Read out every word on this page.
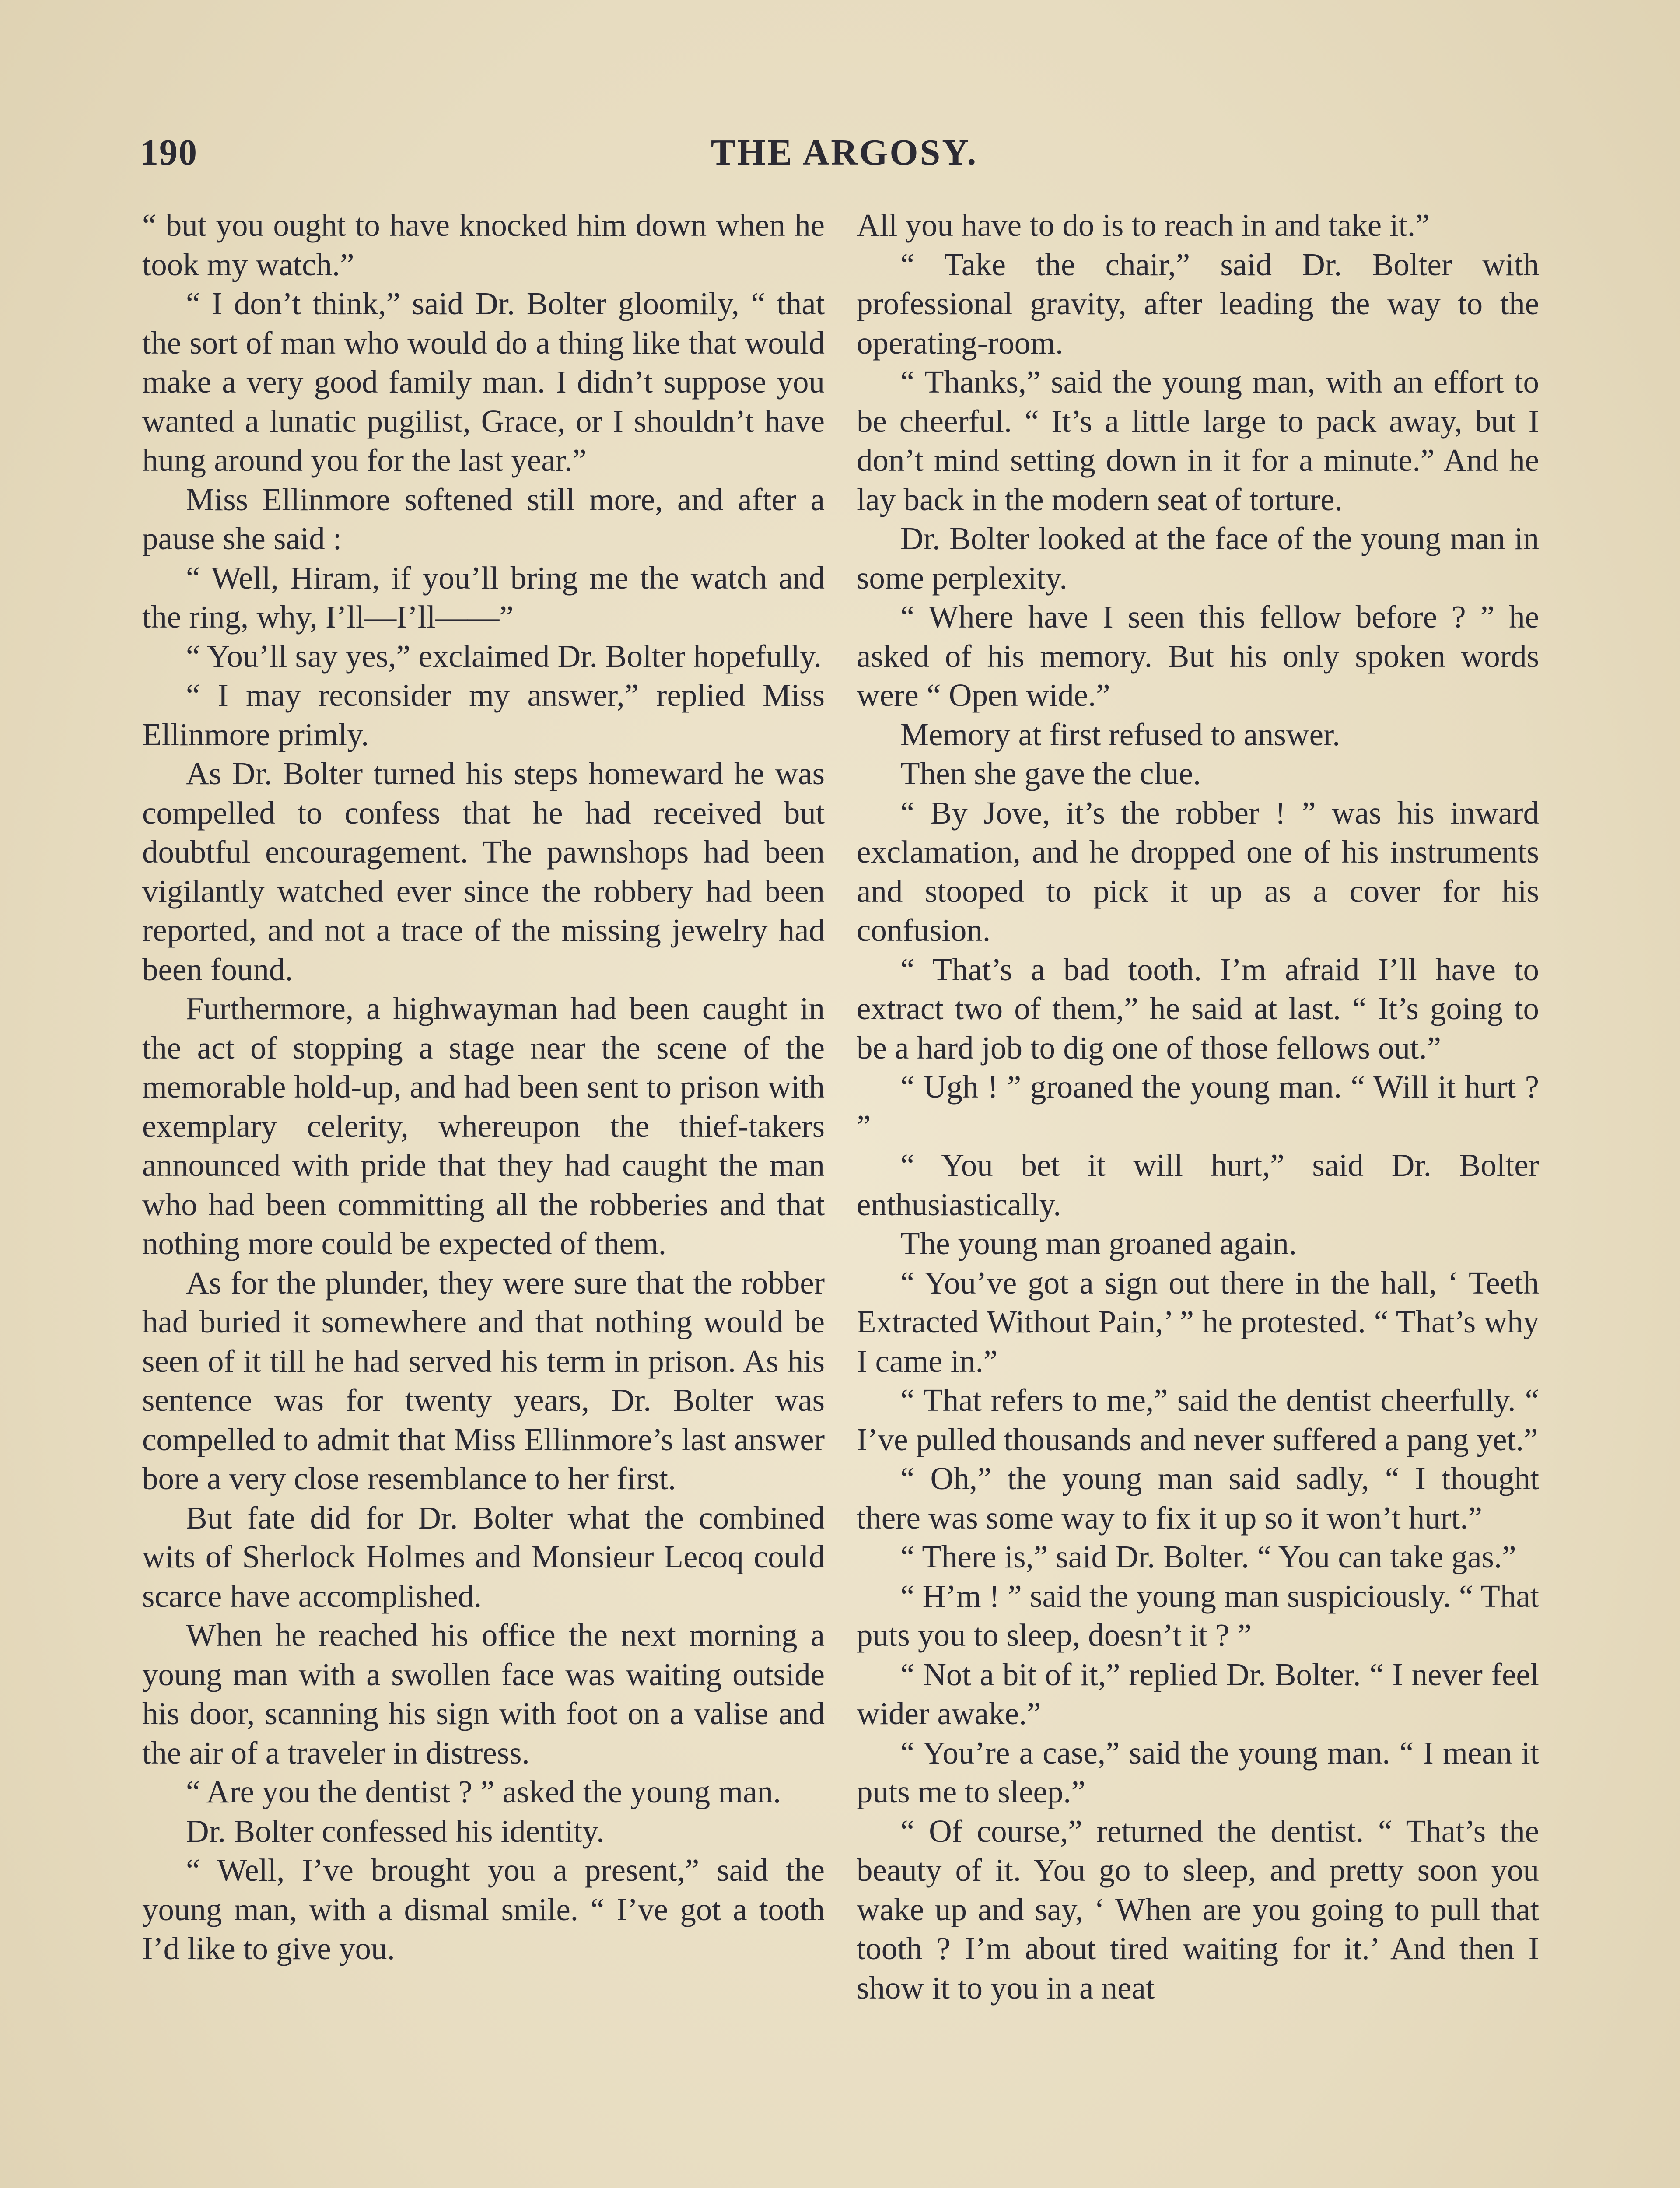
190	THE ARGOSY.

“ but you ought to have knocked him down when he took my watch.”

“ I don’t think,” said Dr. Bolter gloomily, “ that the sort of man who would do a thing like that would make a very good family man. I didn’t suppose you wanted a lunatic pugilist, Grace, or I shouldn’t have hung around you for the last year.”

Miss Ellinmore softened still more, and after a pause she said :

“ Well, Hiram, if you’ll bring me the watch and the ring, why, I’ll—I’ll——”

“ You’ll say yes,” exclaimed Dr. Bolter hopefully.

“ I may reconsider my answer,” replied Miss Ellinmore primly.

As Dr. Bolter turned his steps homeward he was compelled to confess that he had received but doubtful encouragement. The pawnshops had been vigilantly watched ever since the robbery had been reported, and not a trace of the missing jewelry had been found.

Furthermore, a highwayman had been caught in the act of stopping a stage near the scene of the memorable hold-up, and had been sent to prison with exemplary celerity, whereupon the thief-takers announced with pride that they had caught the man who had been committing all the robberies and that nothing more could be expected of them.

As for the plunder, they were sure that the robber had buried it somewhere and that nothing would be seen of it till he had served his term in prison. As his sentence was for twenty years, Dr. Bolter was compelled to admit that Miss Ellinmore’s last answer bore a very close resemblance to her first.

But fate did for Dr. Bolter what the combined wits of Sherlock Holmes and Monsieur Lecoq could scarce have accomplished.

When he reached his office the next morning a young man with a swollen face was waiting outside his door, scanning his sign with foot on a valise and the air of a traveler in distress.

“ Are you the dentist ? ” asked the young man.

Dr. Bolter confessed his identity.

“ Well, I’ve brought you a present,” said the young man, with a dismal smile. “ I’ve got a tooth I’d like to give you.

All you have to do is to reach in and take it.”

“ Take the chair,” said Dr. Bolter with professional gravity, after leading the way to the operating-room.

“ Thanks,” said the young man, with an effort to be cheerful. “ It’s a little large to pack away, but I don’t mind setting down in it for a minute.” And he lay back in the modern seat of torture.

Dr. Bolter looked at the face of the young man in some perplexity.

“ Where have I seen this fellow before ? ” he asked of his memory. But his only spoken words were “ Open wide.”

Memory at first refused to answer.

Then she gave the clue.

“ By Jove, it’s the robber ! ” was his inward exclamation, and he dropped one of his instruments and stooped to pick it up as a cover for his confusion.

“ That’s a bad tooth. I’m afraid I’ll have to extract two of them,” he said at last. “ It’s going to be a hard job to dig one of those fellows out.”

“ Ugh ! ” groaned the young man. “ Will it hurt ? ”

“ You bet it will hurt,” said Dr. Bolter enthusiastically.

The young man groaned again.

“ You’ve got a sign out there in the hall, ‘ Teeth Extracted Without Pain,’ ” he protested. “ That’s why I came in.”

“ That refers to me,” said the dentist cheerfully. “ I’ve pulled thousands and never suffered a pang yet.”

“ Oh,” the young man said sadly, “ I thought there was some way to fix it up so it won’t hurt.”

“ There is,” said Dr. Bolter. “ You can take gas.”

“ H’m ! ” said the young man suspiciously. “ That puts you to sleep, doesn’t it ? ”

“ Not a bit of it,” replied Dr. Bolter. “ I never feel wider awake.”

“ You’re a case,” said the young man. “ I mean it puts me to sleep.”

“ Of course,” returned the dentist. “ That’s the beauty of it. You go to sleep, and pretty soon you wake up and say, ‘ When are you going to pull that tooth ? I’m about tired waiting for it.’ And then I show it to you in a neat
